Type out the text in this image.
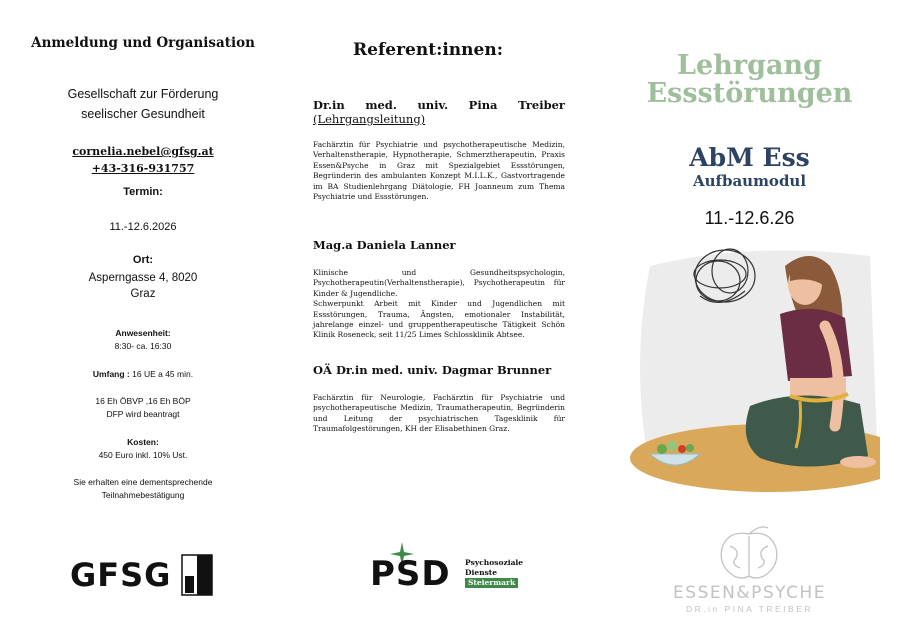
Anmeldung und Organisation
Gesellschaft zur Förderung
seelischer Gesundheit
cornelia.nebel@gfsg.at
+43-316-931757
Termin:
11.-12.6.2026
Ort:
Asperngasse 4, 8020
Graz
Anwesenheit:
8:30- ca. 16:30
Umfang : 16 UE a 45 min.
16 Eh ÖBVP ,16 Eh BÖP
DFP wird beantragt
Kosten:
450 Euro inkl. 10% Ust.
Sie erhalten eine dementsprechende
Teilnahmebestätigung
GFSG
Referent:innen:
Dr.in med. univ. Pina Treiber
(Lehrgangsleitung)
Fachärztin für Psychiatrie und psychotherapeutische Medizin, Verhaltenstherapie, Hypnotherapie, Schmerztherapeutin, Praxis Essen&Psyche in Graz mit Spezialgebiet Essstörungen, Begründerin des ambulanten Konzept M.I.L.K., Gastvortragende im BA Studienlehrgang Diätologie, FH Joanneum zum Thema Psychiatrie und Essstörungen.
Mag.a Daniela Lanner
Klinische und Gesundheitspsychologin, Psychotherapeutin(Verhaltenstherapie), Psychotherapeutin für Kinder & Jugendliche.
Schwerpunkt Arbeit mit Kinder und Jugendlichen mit Essstörungen, Trauma, Ängsten, emotionaler Instabilität, jahrelange einzel- und gruppentherapeutische Tätigkeit Schön Klinik Roseneck, seit 11/25 Limes Schlossklinik Abtsee.
OÄ Dr.in med. univ. Dagmar Brunner
Fachärztin für Neurologie, Fachärztin für Psychiatrie und psychotherapeutische Medizin, Traumatherapeutin, Begründerin und Leitung der psychiatrischen Tagesklinik für Traumafolgestörungen, KH der Elisabethinen Graz.
PSD Psychosoziale
Dienste
Steiermark
Lehrgang
Essstörungen
AbM Ess
Aufbaumodul
11.-12.6.26
ESSEN&PSYCHE
DR.in PINA TREIBER
